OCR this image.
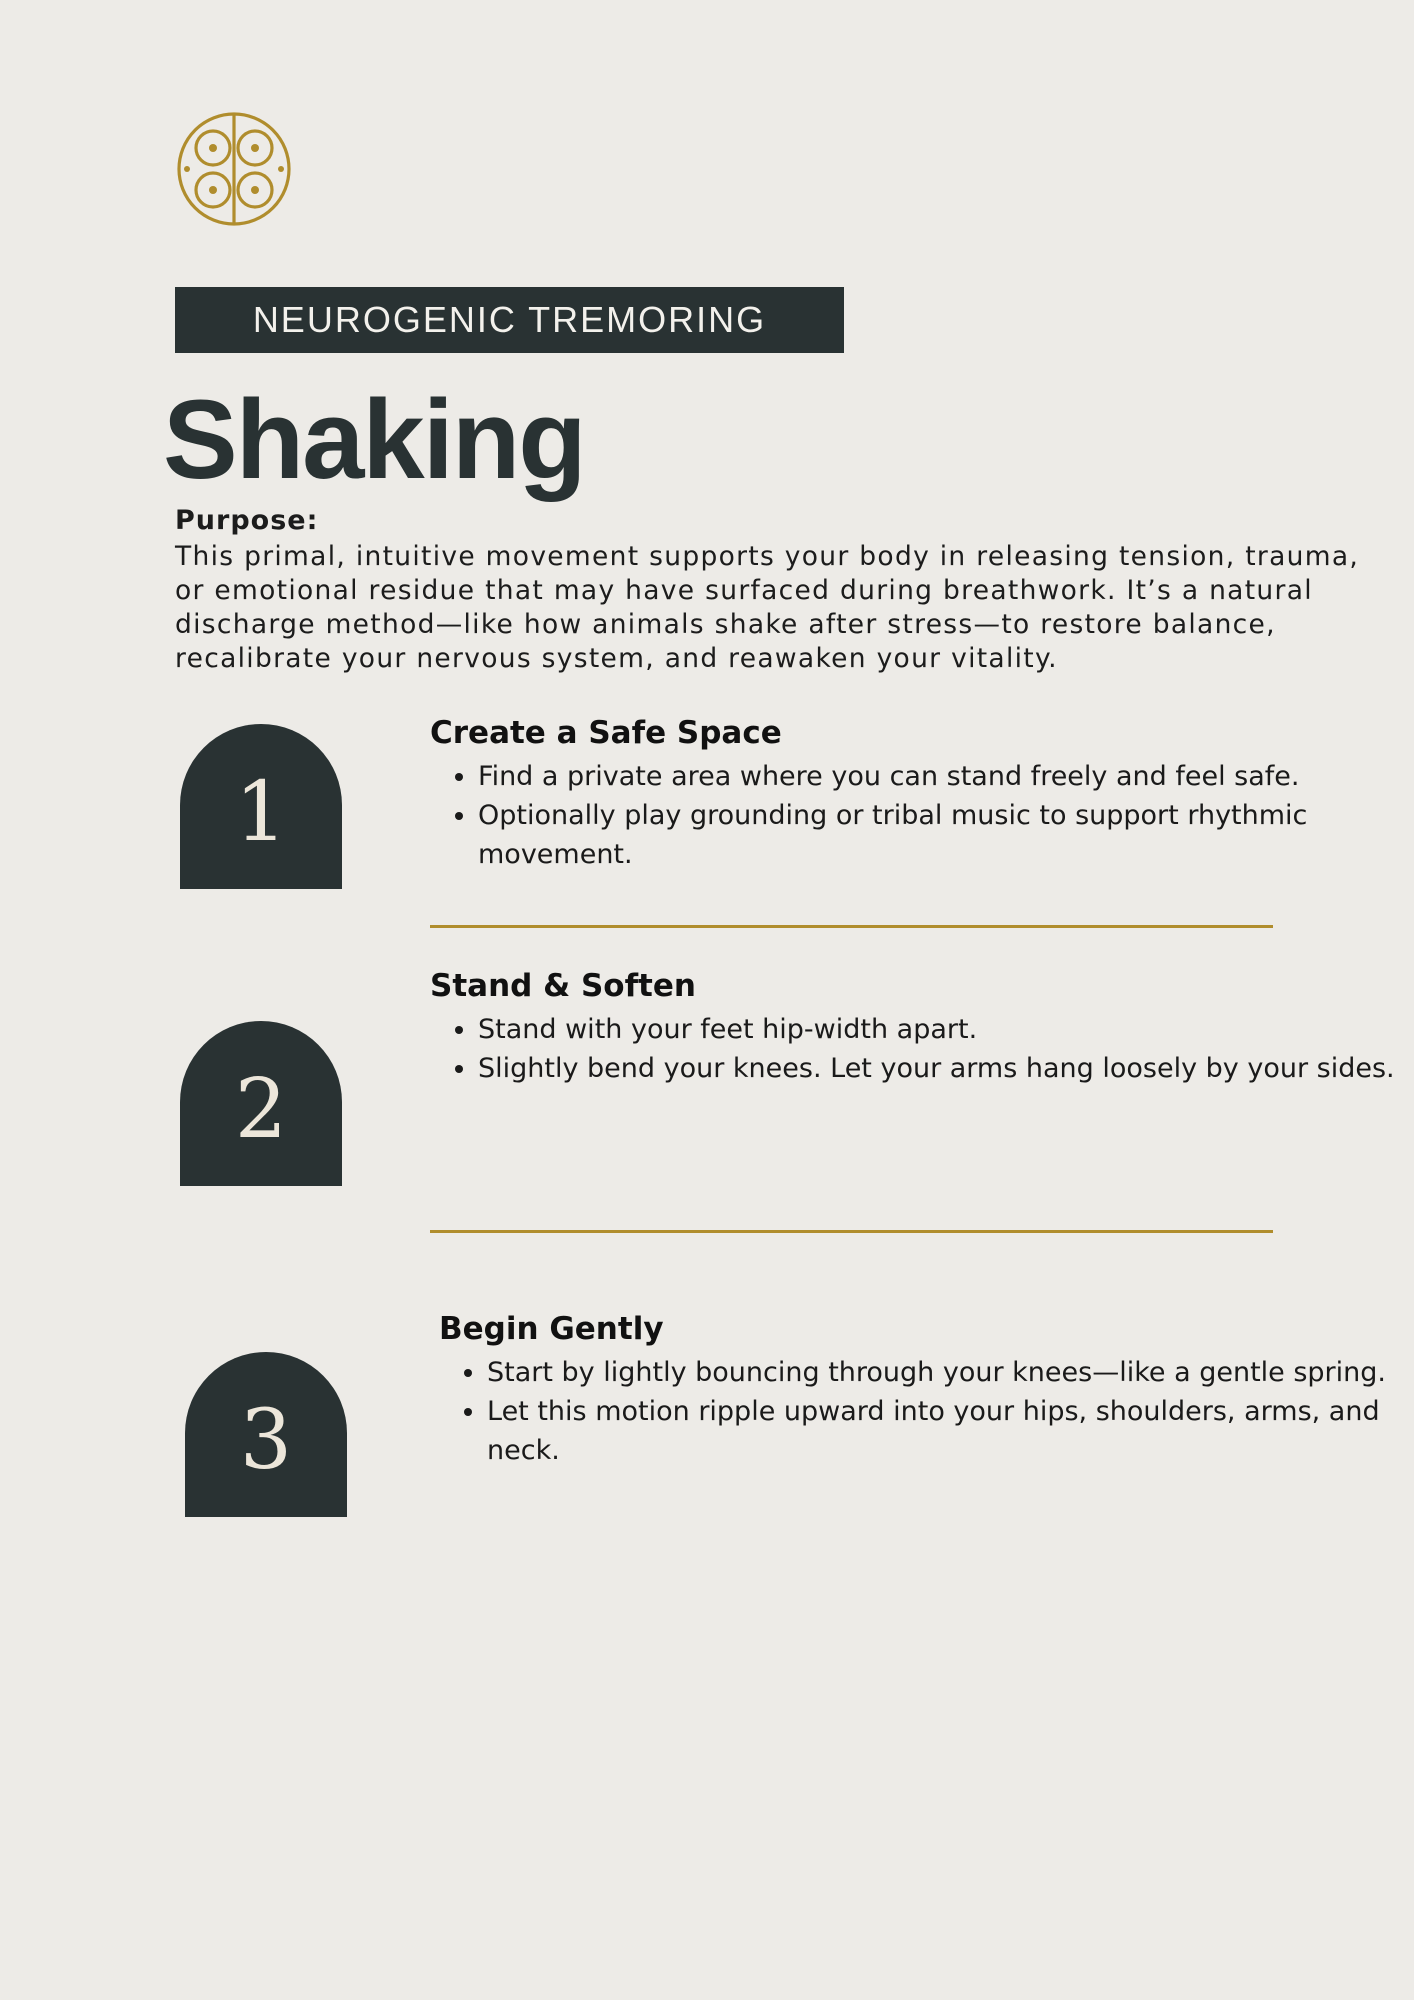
NEUROGENIC TREMORING
Shaking
Purpose:
This primal, intuitive movement supports your body in releasing tension, trauma, or emotional residue that may have surfaced during breathwork. It’s a natural discharge method—like how animals shake after stress—to restore balance, recalibrate your nervous system, and reawaken your vitality.
1
Create a Safe Space
• Find a private area where you can stand freely and feel safe.
• Optionally play grounding or tribal music to support rhythmic movement.
2
Stand & Soften
• Stand with your feet hip-width apart.
• Slightly bend your knees. Let your arms hang loosely by your sides.
3
Begin Gently
• Start by lightly bouncing through your knees—like a gentle spring.
• Let this motion ripple upward into your hips, shoulders, arms, and neck.
